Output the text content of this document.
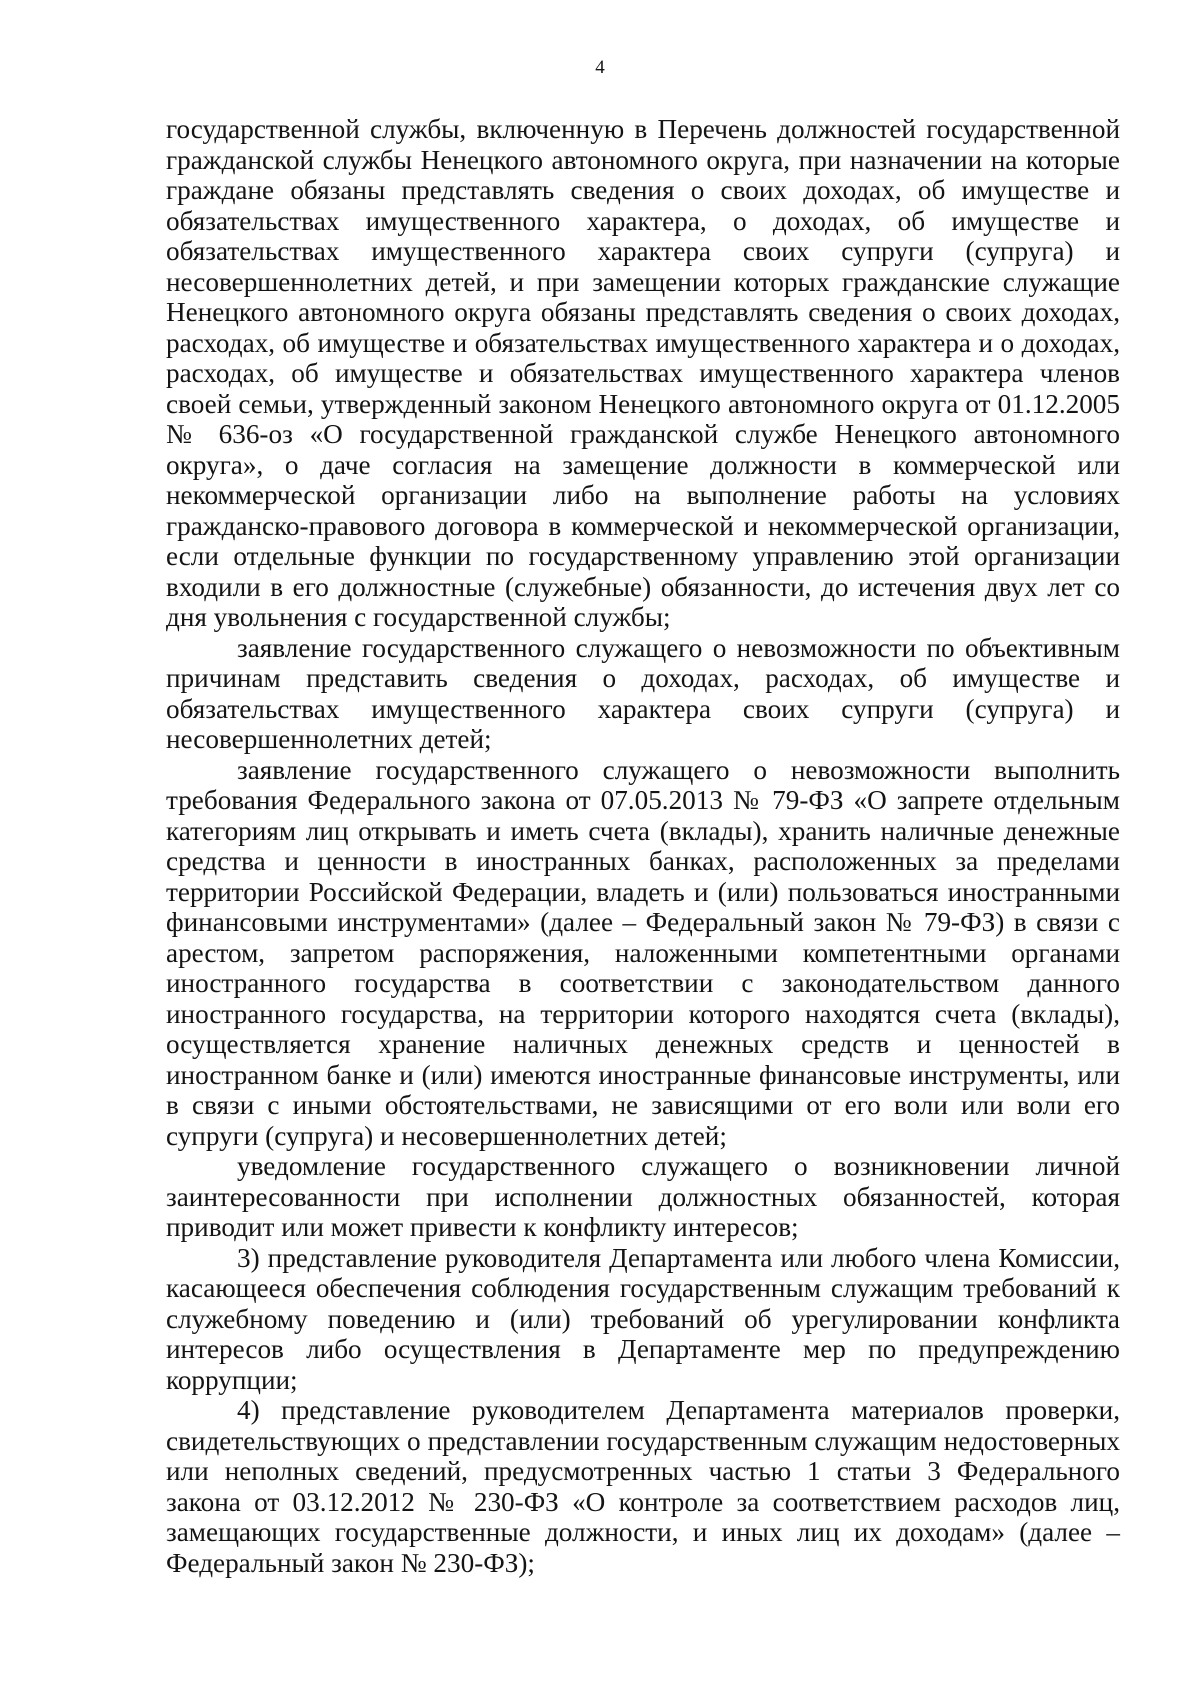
4

государственной службы, включенную в Перечень должностей государственной гражданской службы Ненецкого автономного округа, при назначении на которые граждане обязаны представлять сведения о своих доходах, об имуществе и обязательствах имущественного характера, о доходах, об имуществе и обязательствах имущественного характера своих супруги (супруга) и несовершеннолетних детей, и при замещении которых гражданские служащие Ненецкого автономного округа обязаны представлять сведения о своих доходах, расходах, об имуществе и обязательствах имущественного характера и о доходах, расходах, об имуществе и обязательствах имущественного характера членов своей семьи, утвержденный законом Ненецкого автономного округа от 01.12.2005 № 636-оз «О государственной гражданской службе Ненецкого автономного округа», о даче согласия на замещение должности в коммерческой или некоммерческой организации либо на выполнение работы на условиях гражданско-правового договора в коммерческой и некоммерческой организации, если отдельные функции по государственному управлению этой организации входили в его должностные (служебные) обязанности, до истечения двух лет со дня увольнения с государственной службы;

заявление государственного служащего о невозможности по объективным причинам представить сведения о доходах, расходах, об имуществе и обязательствах имущественного характера своих супруги (супруга) и несовершеннолетних детей;

заявление государственного служащего о невозможности выполнить требования Федерального закона от 07.05.2013 № 79-ФЗ «О запрете отдельным категориям лиц открывать и иметь счета (вклады), хранить наличные денежные средства и ценности в иностранных банках, расположенных за пределами территории Российской Федерации, владеть и (или) пользоваться иностранными финансовыми инструментами» (далее – Федеральный закон № 79-ФЗ) в связи с арестом, запретом распоряжения, наложенными компетентными органами иностранного государства в соответствии с законодательством данного иностранного государства, на территории которого находятся счета (вклады), осуществляется хранение наличных денежных средств и ценностей в иностранном банке и (или) имеются иностранные финансовые инструменты, или в связи с иными обстоятельствами, не зависящими от его воли или воли его супруги (супруга) и несовершеннолетних детей;

уведомление государственного служащего о возникновении личной заинтересованности при исполнении должностных обязанностей, которая приводит или может привести к конфликту интересов;

3) представление руководителя Департамента или любого члена Комиссии, касающееся обеспечения соблюдения государственным служащим требований к служебному поведению и (или) требований об урегулировании конфликта интересов либо осуществления в Департаменте мер по предупреждению коррупции;

4) представление руководителем Департамента материалов проверки, свидетельствующих о представлении государственным служащим недостоверных или неполных сведений, предусмотренных частью 1 статьи 3 Федерального закона от 03.12.2012 № 230-ФЗ «О контроле за соответствием расходов лиц, замещающих государственные должности, и иных лиц их доходам» (далее – Федеральный закон № 230-ФЗ);
